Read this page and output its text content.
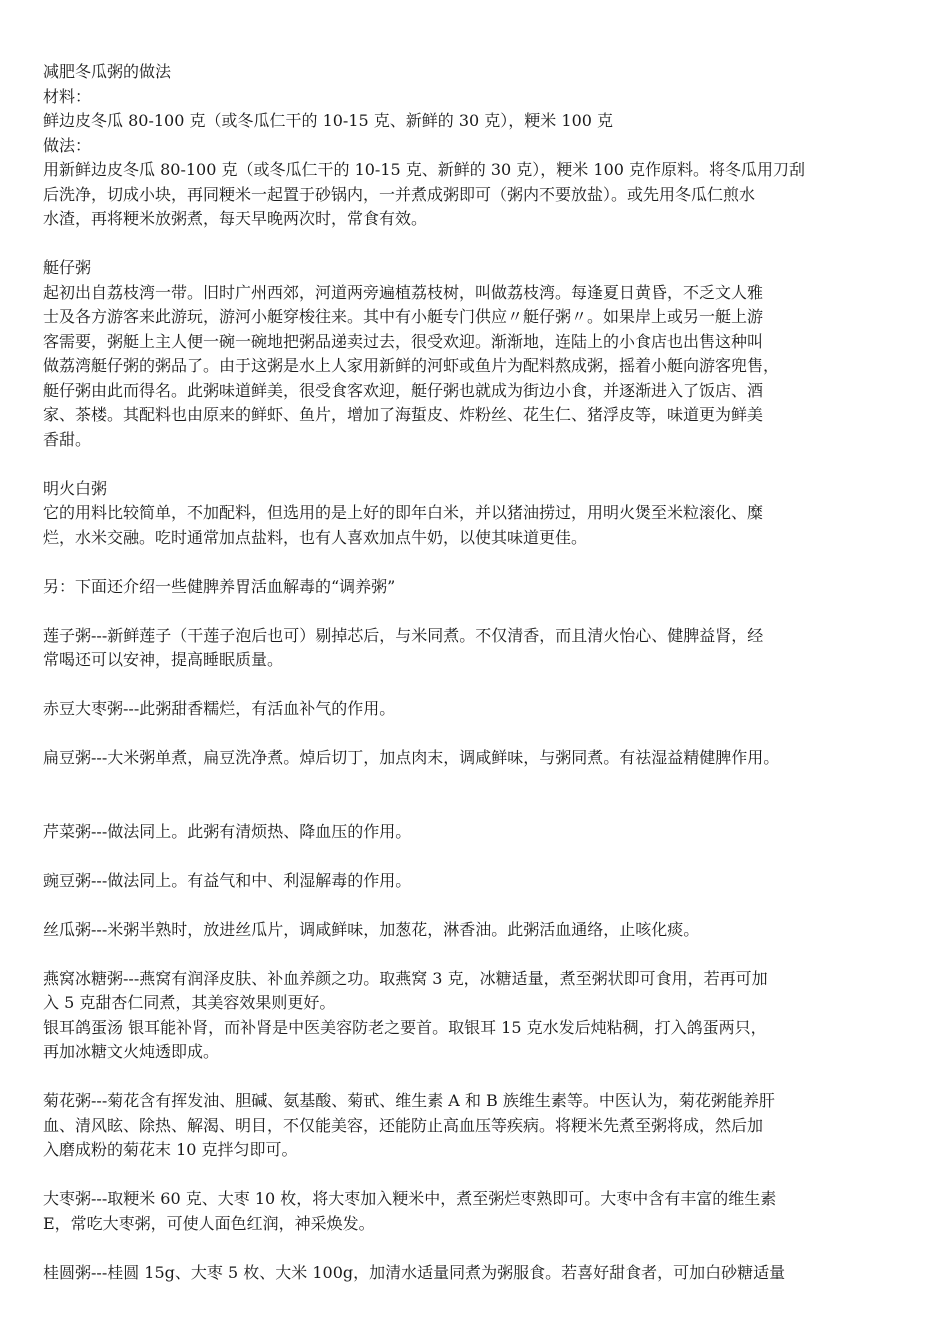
减肥冬瓜粥的做法
材料：
鲜边皮冬瓜 80-100 克（或冬瓜仁干的 10-15 克、新鲜的 30 克），粳米 100 克
做法：
用新鲜边皮冬瓜 80-100 克（或冬瓜仁干的 10-15 克、新鲜的 30 克），粳米 100 克作原料。将冬瓜用刀刮
后洗净，切成小块，再同粳米一起置于砂锅内，一并煮成粥即可（粥内不要放盐）。或先用冬瓜仁煎水
水渣，再将粳米放粥煮，每天早晚两次时，常食有效。
艇仔粥
起初出自荔枝湾一带。旧时广州西郊，河道两旁遍植荔枝树，叫做荔枝湾。每逢夏日黄昏，不乏文人雅
士及各方游客来此游玩，游河小艇穿梭往来。其中有小艇专门供应〃艇仔粥〃。如果岸上或另一艇上游
客需要，粥艇上主人便一碗一碗地把粥品递卖过去，很受欢迎。渐渐地，连陆上的小食店也出售这种叫
做荔湾艇仔粥的粥品了。由于这粥是水上人家用新鲜的河虾或鱼片为配料熬成粥，摇着小艇向游客兜售，
艇仔粥由此而得名。此粥味道鲜美，很受食客欢迎，艇仔粥也就成为街边小食，并逐渐进入了饭店、酒
家、茶楼。其配料也由原来的鲜虾、鱼片，增加了海蜇皮、炸粉丝、花生仁、猪浮皮等，味道更为鲜美
香甜。
明火白粥
它的用料比较简单，不加配料，但选用的是上好的即年白米，并以猪油捞过，用明火煲至米粒滚化、糜
烂，水米交融。吃时通常加点盐料，也有人喜欢加点牛奶，以使其味道更佳。
另：下面还介绍一些健脾养胃活血解毒的“调养粥”
莲子粥---新鲜莲子（干莲子泡后也可）剔掉芯后，与米同煮。不仅清香，而且清火怡心、健脾益肾，经
常喝还可以安神，提高睡眠质量。
赤豆大枣粥---此粥甜香糯烂，有活血补气的作用。
扁豆粥---大米粥单煮，扁豆洗净煮。焯后切丁，加点肉末，调咸鲜味，与粥同煮。有祛湿益精健脾作用。
芹菜粥---做法同上。此粥有清烦热、降血压的作用。
豌豆粥---做法同上。有益气和中、利湿解毒的作用。
丝瓜粥---米粥半熟时，放进丝瓜片，调咸鲜味，加葱花，淋香油。此粥活血通络，止咳化痰。
燕窝冰糖粥---燕窝有润泽皮肤、补血养颜之功。取燕窝 3 克，冰糖适量，煮至粥状即可食用，若再可加
入 5 克甜杏仁同煮，其美容效果则更好。
银耳鸽蛋汤 银耳能补肾，而补肾是中医美容防老之要首。取银耳 15 克水发后炖粘稠，打入鸽蛋两只，
再加冰糖文火炖透即成。
菊花粥---菊花含有挥发油、胆碱、氨基酸、菊甙、维生素 A 和 B 族维生素等。中医认为，菊花粥能养肝
血、清风眩、除热、解渴、明目，不仅能美容，还能防止高血压等疾病。将粳米先煮至粥将成，然后加
入磨成粉的菊花末 10 克拌匀即可。
大枣粥---取粳米 60 克、大枣 10 枚，将大枣加入粳米中，煮至粥烂枣熟即可。大枣中含有丰富的维生素
E，常吃大枣粥，可使人面色红润，神采焕发。
桂圆粥---桂圆 15g、大枣 5 枚、大米 100g，加清水适量同煮为粥服食。若喜好甜食者，可加白砂糖适量
